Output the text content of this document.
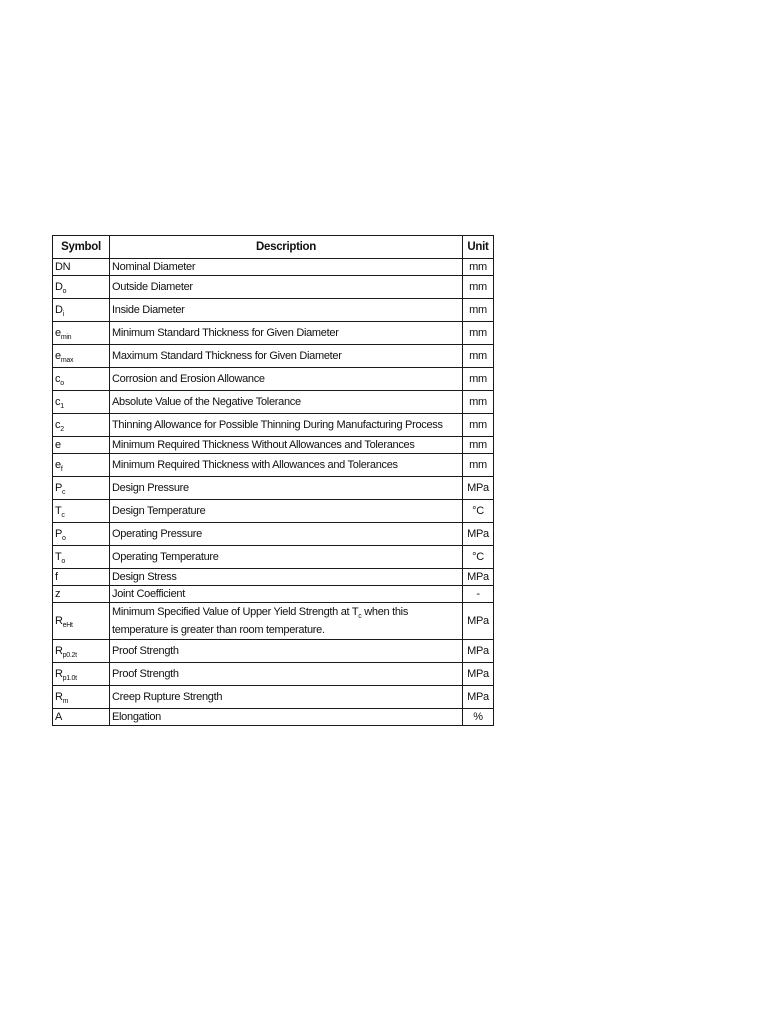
Symbol	Description	Unit
DN	Nominal Diameter	mm
$D_o$	Outside Diameter	mm
$D_i$	Inside Diameter	mm
$e_{min}$	Minimum Standard Thickness for Given Diameter	mm
$e_{max}$	Maximum Standard Thickness for Given Diameter	mm
$c_o$	Corrosion and Erosion Allowance	mm
$c_1$	Absolute Value of the Negative Tolerance	mm
$c_2$	Thinning Allowance for Possible Thinning During Manufacturing Process	mm
e	Minimum Required Thickness Without Allowances and Tolerances	mm
$e_f$	Minimum Required Thickness with Allowances and Tolerances	mm
$P_c$	Design Pressure	MPa
$T_c$	Design Temperature	°C
$P_o$	Operating Pressure	MPa
$T_o$	Operating Temperature	°C
f	Design Stress	MPa
z	Joint Coefficient	-
$R_{eHt}$	Minimum Specified Value of Upper Yield Strength at $T_c$ when this temperature is greater than room temperature.	MPa
$R_{p0.2t}$	Proof Strength	MPa
$R_{p1.0t}$	Proof Strength	MPa
$R_m$	Creep Rupture Strength	MPa
A	Elongation	%
